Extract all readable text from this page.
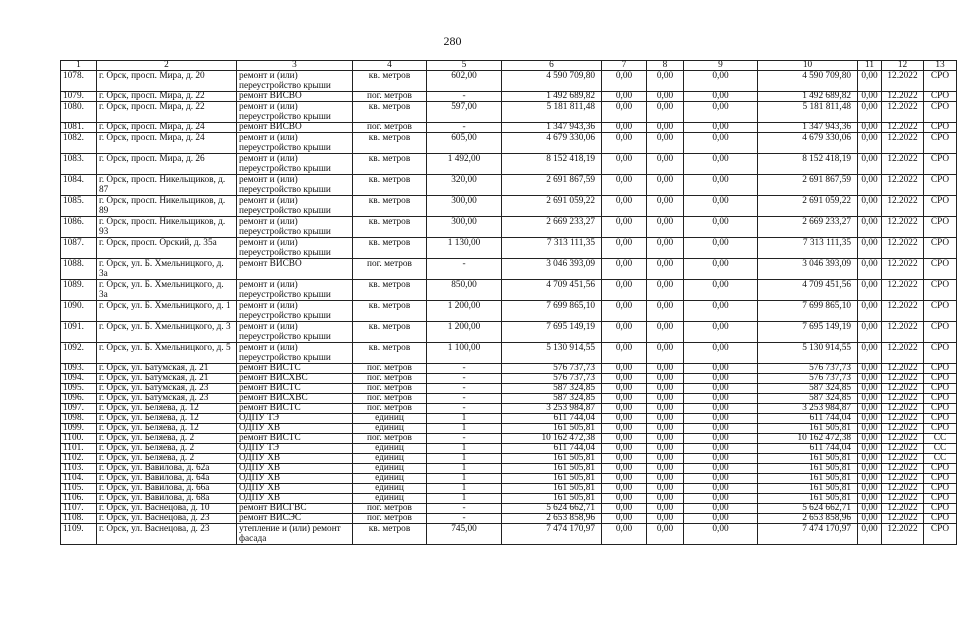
280
1	2	3	4	5	6	7	8	9	10	11	12	13
1078.	г. Орск, просп. Мира, д. 20	ремонт и (или) переустройство крыши	кв. метров	602,00	4 590 709,80	0,00	0,00	0,00	4 590 709,80	0,00	12.2022	СРО
1079.	г. Орск, просп. Мира, д. 22	ремонт ВИСВО	пог. метров	-	1 492 689,82	0,00	0,00	0,00	1 492 689,82	0,00	12.2022	СРО
1080.	г. Орск, просп. Мира, д. 22	ремонт и (или) переустройство крыши	кв. метров	597,00	5 181 811,48	0,00	0,00	0,00	5 181 811,48	0,00	12.2022	СРО
1081.	г. Орск, просп. Мира, д. 24	ремонт ВИСВО	пог. метров	-	1 347 943,36	0,00	0,00	0,00	1 347 943,36	0,00	12.2022	СРО
1082.	г. Орск, просп. Мира, д. 24	ремонт и (или) переустройство крыши	кв. метров	605,00	4 679 330,06	0,00	0,00	0,00	4 679 330,06	0,00	12.2022	СРО
1083.	г. Орск, просп. Мира, д. 26	ремонт и (или) переустройство крыши	кв. метров	1 492,00	8 152 418,19	0,00	0,00	0,00	8 152 418,19	0,00	12.2022	СРО
1084.	г. Орск, просп. Никельщиков, д. 87	ремонт и (или) переустройство крыши	кв. метров	320,00	2 691 867,59	0,00	0,00	0,00	2 691 867,59	0,00	12.2022	СРО
1085.	г. Орск, просп. Никельщиков, д. 89	ремонт и (или) переустройство крыши	кв. метров	300,00	2 691 059,22	0,00	0,00	0,00	2 691 059,22	0,00	12.2022	СРО
1086.	г. Орск, просп. Никельщиков, д. 93	ремонт и (или) переустройство крыши	кв. метров	300,00	2 669 233,27	0,00	0,00	0,00	2 669 233,27	0,00	12.2022	СРО
1087.	г. Орск, просп. Орский, д. 35а	ремонт и (или) переустройство крыши	кв. метров	1 130,00	7 313 111,35	0,00	0,00	0,00	7 313 111,35	0,00	12.2022	СРО
1088.	г. Орск, ул. Б. Хмельницкого, д. 3а	ремонт ВИСВО	пог. метров	-	3 046 393,09	0,00	0,00	0,00	3 046 393,09	0,00	12.2022	СРО
1089.	г. Орск, ул. Б. Хмельницкого, д. 3а	ремонт и (или) переустройство крыши	кв. метров	850,00	4 709 451,56	0,00	0,00	0,00	4 709 451,56	0,00	12.2022	СРО
1090.	г. Орск, ул. Б. Хмельницкого, д. 1	ремонт и (или) переустройство крыши	кв. метров	1 200,00	7 699 865,10	0,00	0,00	0,00	7 699 865,10	0,00	12.2022	СРО
1091.	г. Орск, ул. Б. Хмельницкого, д. 3	ремонт и (или) переустройство крыши	кв. метров	1 200,00	7 695 149,19	0,00	0,00	0,00	7 695 149,19	0,00	12.2022	СРО
1092.	г. Орск, ул. Б. Хмельницкого, д. 5	ремонт и (или) переустройство крыши	кв. метров	1 100,00	5 130 914,55	0,00	0,00	0,00	5 130 914,55	0,00	12.2022	СРО
1093.	г. Орск, ул. Батумская, д. 21	ремонт ВИСТС	пог. метров	-	576 737,73	0,00	0,00	0,00	576 737,73	0,00	12.2022	СРО
1094.	г. Орск, ул. Батумская, д. 21	ремонт ВИСХВС	пог. метров	-	576 737,73	0,00	0,00	0,00	576 737,73	0,00	12.2022	СРО
1095.	г. Орск, ул. Батумская, д. 23	ремонт ВИСТС	пог. метров	-	587 324,85	0,00	0,00	0,00	587 324,85	0,00	12.2022	СРО
1096.	г. Орск, ул. Батумская, д. 23	ремонт ВИСХВС	пог. метров	-	587 324,85	0,00	0,00	0,00	587 324,85	0,00	12.2022	СРО
1097.	г. Орск, ул. Беляева, д. 12	ремонт ВИСТС	пог. метров	-	3 253 984,87	0,00	0,00	0,00	3 253 984,87	0,00	12.2022	СРО
1098.	г. Орск, ул. Беляева, д. 12	ОДПУ ТЭ	единиц	1	611 744,04	0,00	0,00	0,00	611 744,04	0,00	12.2022	СРО
1099.	г. Орск, ул. Беляева, д. 12	ОДПУ ХВ	единиц	1	161 505,81	0,00	0,00	0,00	161 505,81	0,00	12.2022	СРО
1100.	г. Орск, ул. Беляева, д. 2	ремонт ВИСТС	пог. метров	-	10 162 472,38	0,00	0,00	0,00	10 162 472,38	0,00	12.2022	СС
1101.	г. Орск, ул. Беляева, д. 2	ОДПУ ТЭ	единиц	1	611 744,04	0,00	0,00	0,00	611 744,04	0,00	12.2022	СС
1102.	г. Орск, ул. Беляева, д. 2	ОДПУ ХВ	единиц	1	161 505,81	0,00	0,00	0,00	161 505,81	0,00	12.2022	СС
1103.	г. Орск, ул. Вавилова, д. 62а	ОДПУ ХВ	единиц	1	161 505,81	0,00	0,00	0,00	161 505,81	0,00	12.2022	СРО
1104.	г. Орск, ул. Вавилова, д. 64а	ОДПУ ХВ	единиц	1	161 505,81	0,00	0,00	0,00	161 505,81	0,00	12.2022	СРО
1105.	г. Орск, ул. Вавилова, д. 66а	ОДПУ ХВ	единиц	1	161 505,81	0,00	0,00	0,00	161 505,81	0,00	12.2022	СРО
1106.	г. Орск, ул. Вавилова, д. 68а	ОДПУ ХВ	единиц	1	161 505,81	0,00	0,00	0,00	161 505,81	0,00	12.2022	СРО
1107.	г. Орск, ул. Васнецова, д. 10	ремонт ВИСГВС	пог. метров	-	5 624 662,71	0,00	0,00	0,00	5 624 662,71	0,00	12.2022	СРО
1108.	г. Орск, ул. Васнецова, д. 23	ремонт ВИСЭС	пог. метров	-	2 653 858,96	0,00	0,00	0,00	2 653 858,96	0,00	12.2022	СРО
1109.	г. Орск, ул. Васнецова, д. 23	утепление и (или) ремонт фасада	кв. метров	745,00	7 474 170,97	0,00	0,00	0,00	7 474 170,97	0,00	12.2022	СРО
